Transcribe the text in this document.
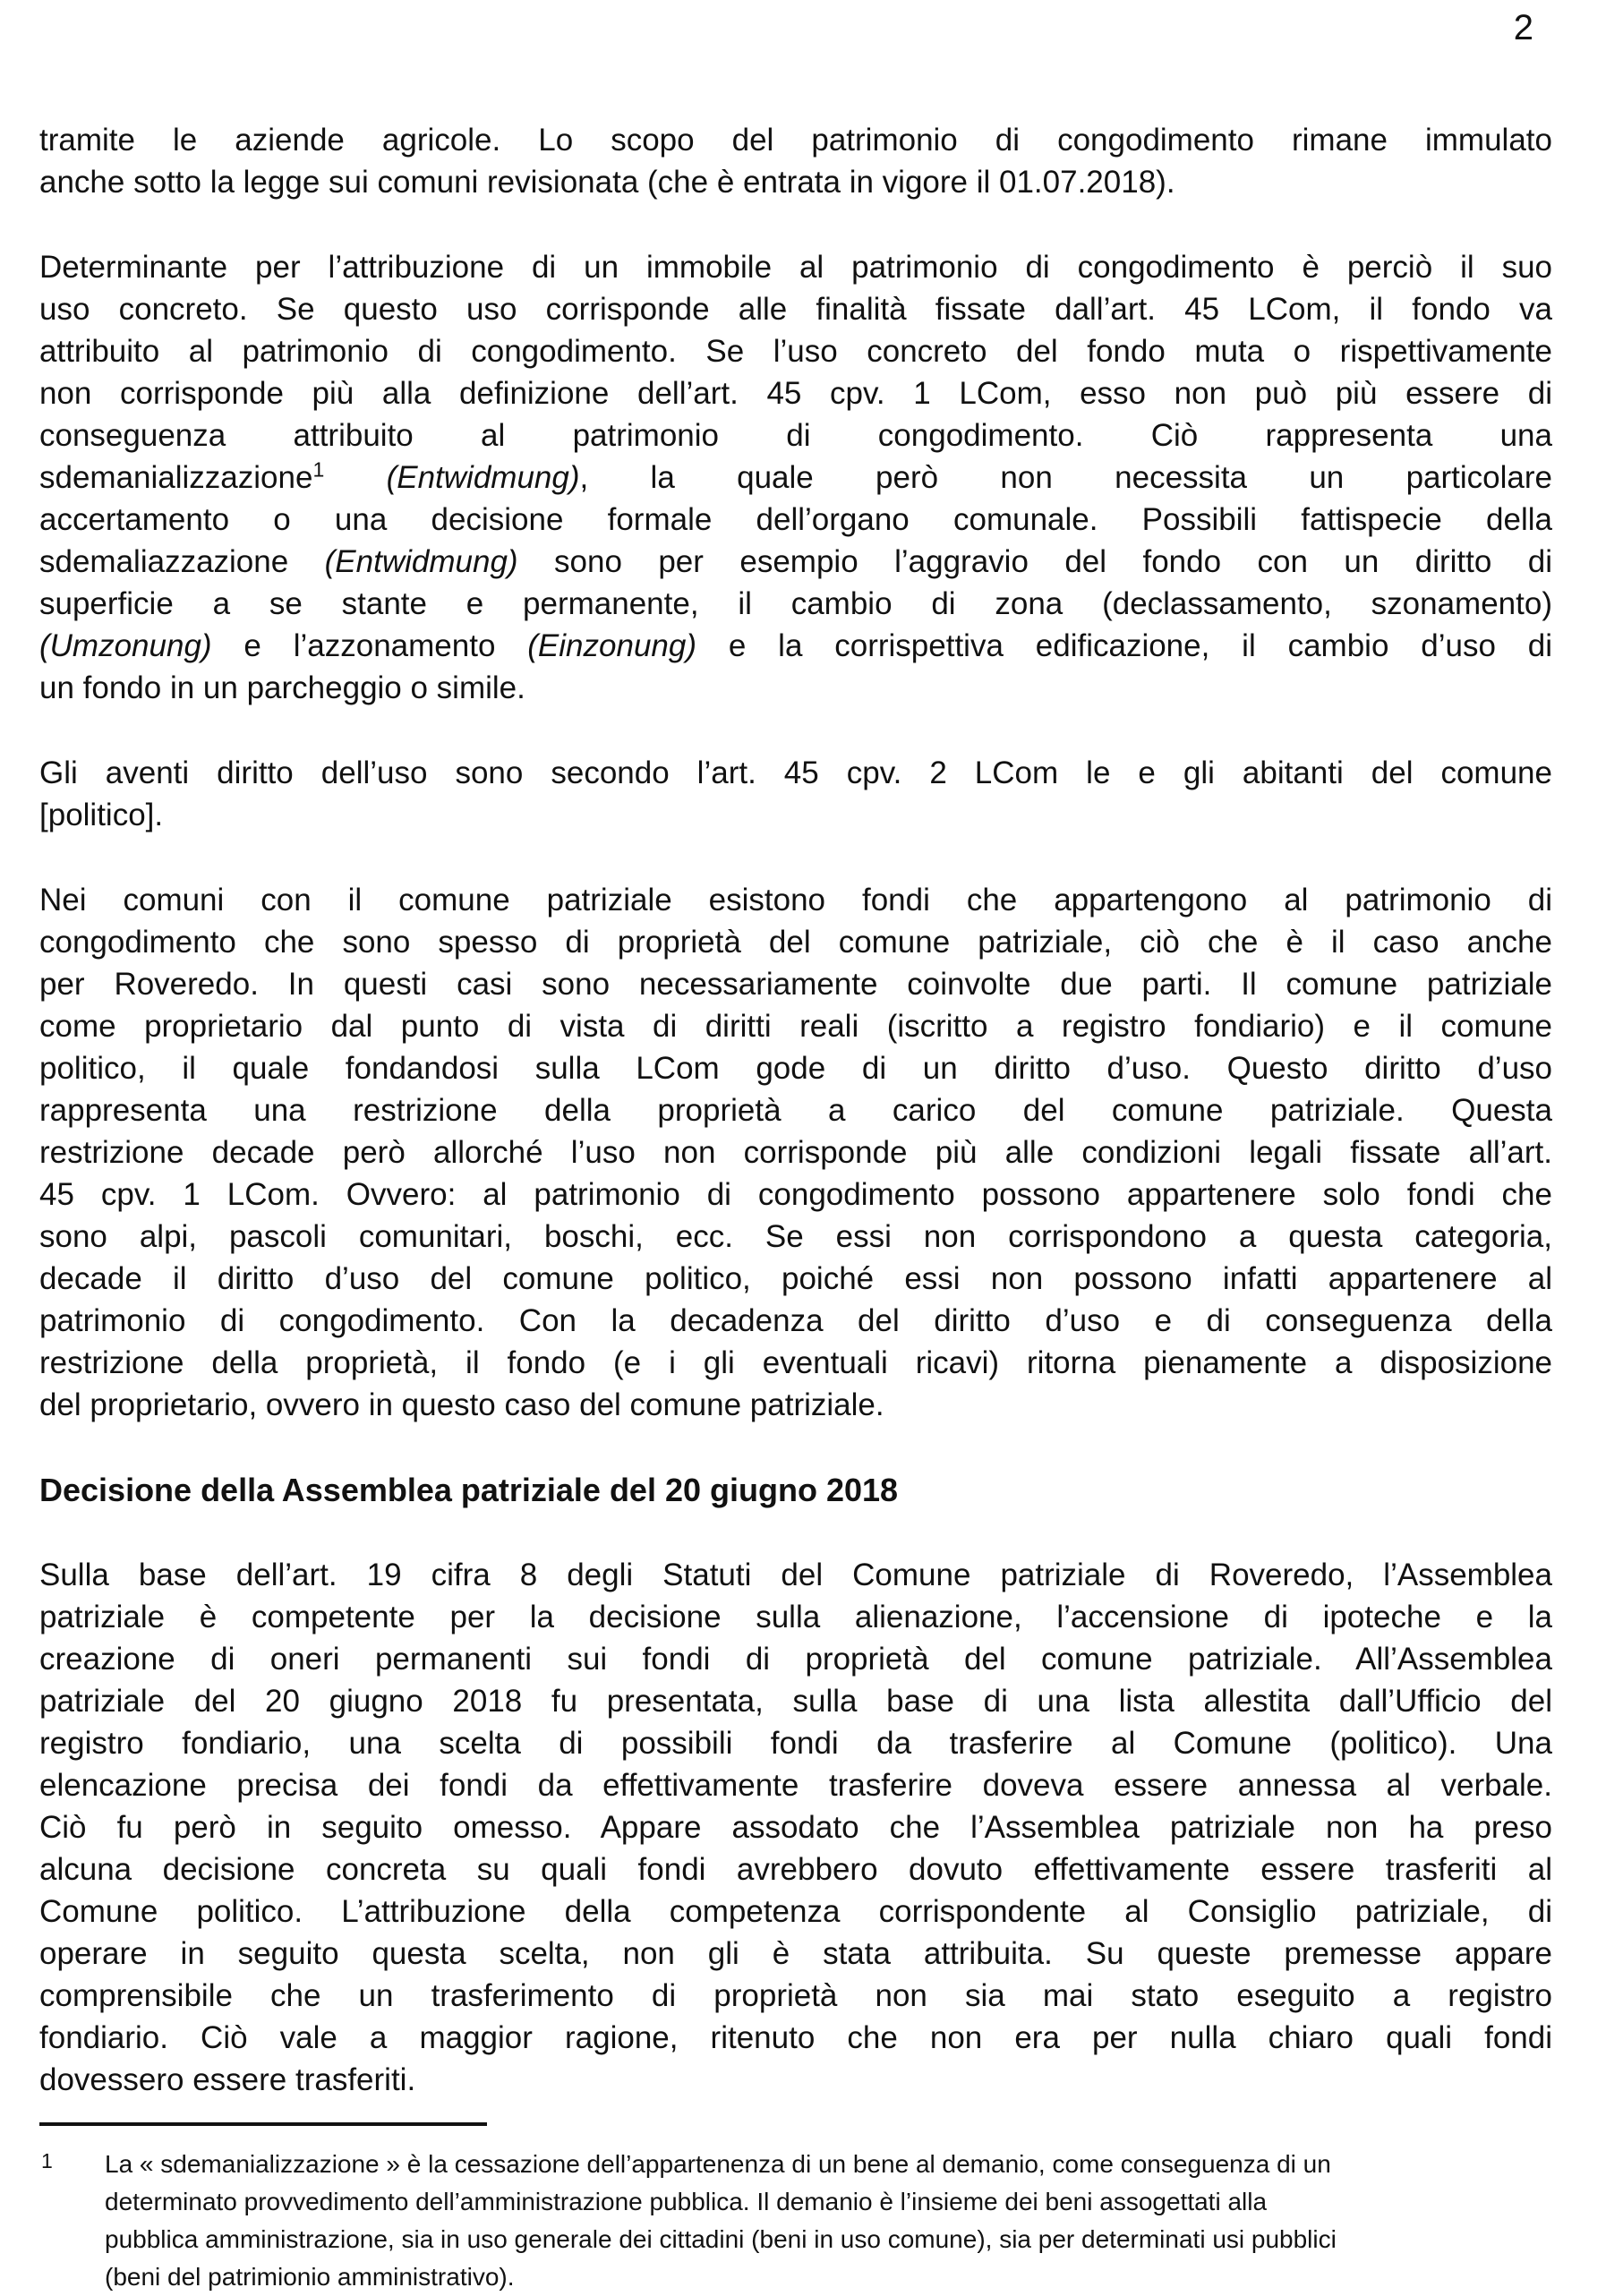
2
tramite le aziende agricole. Lo scopo del patrimonio di congodimento rimane immulato
anche sotto la legge sui comuni revisionata (che è entrata in vigore il 01.07.2018).
Determinante per l’attribuzione di un immobile al patrimonio di congodimento è perciò il suo
uso concreto. Se questo uso corrisponde alle finalità fissate dall’art. 45 LCom, il fondo va
attribuito al patrimonio di congodimento. Se l’uso concreto del fondo muta o rispettivamente
non corrisponde più alla definizione dell’art. 45 cpv. 1 LCom, esso non può più essere di
conseguenza attribuito al patrimonio di congodimento. Ciò rappresenta una
sdemanializzazione$^1$ (Entwidmung), la quale però non necessita un particolare
accertamento o una decisione formale dell’organo comunale. Possibili fattispecie della
sdemaliazzazione (Entwidmung) sono per esempio l’aggravio del fondo con un diritto di
superficie a se stante e permanente, il cambio di zona (declassamento, szonamento)
(Umzonung) e l’azzonamento (Einzonung) e la corrispettiva edificazione, il cambio d’uso di
un fondo in un parcheggio o simile.
Gli aventi diritto dell’uso sono secondo l’art. 45 cpv. 2 LCom le e gli abitanti del comune
[politico].
Nei comuni con il comune patriziale esistono fondi che appartengono al patrimonio di
congodimento che sono spesso di proprietà del comune patriziale, ciò che è il caso anche
per Roveredo. In questi casi sono necessariamente coinvolte due parti. Il comune patriziale
come proprietario dal punto di vista di diritti reali (iscritto a registro fondiario) e il comune
politico, il quale fondandosi sulla LCom gode di un diritto d’uso. Questo diritto d’uso
rappresenta una restrizione della proprietà a carico del comune patriziale. Questa
restrizione decade però allorché l’uso non corrisponde più alle condizioni legali fissate all’art.
45 cpv. 1 LCom. Ovvero: al patrimonio di congodimento possono appartenere solo fondi che
sono alpi, pascoli comunitari, boschi, ecc. Se essi non corrispondono a questa categoria,
decade il diritto d’uso del comune politico, poiché essi non possono infatti appartenere al
patrimonio di congodimento. Con la decadenza del diritto d’uso e di conseguenza della
restrizione della proprietà, il fondo (e i gli eventuali ricavi) ritorna pienamente a disposizione
del proprietario, ovvero in questo caso del comune patriziale.
Decisione della Assemblea patriziale del 20 giugno 2018
Sulla base dell’art. 19 cifra 8 degli Statuti del Comune patriziale di Roveredo, l’Assemblea
patriziale è competente per la decisione sulla alienazione, l’accensione di ipoteche e la
creazione di oneri permanenti sui fondi di proprietà del comune patriziale. All’Assemblea
patriziale del 20 giugno 2018 fu presentata, sulla base di una lista allestita dall’Ufficio del
registro fondiario, una scelta di possibili fondi da trasferire al Comune (politico). Una
elencazione precisa dei fondi da effettivamente trasferire doveva essere annessa al verbale.
Ciò fu però in seguito omesso. Appare assodato che l’Assemblea patriziale non ha preso
alcuna decisione concreta su quali fondi avrebbero dovuto effettivamente essere trasferiti al
Comune politico. L’attribuzione della competenza corrispondente al Consiglio patriziale, di
operare in seguito questa scelta, non gli è stata attribuita. Su queste premesse appare
comprensibile che un trasferimento di proprietà non sia mai stato eseguito a registro
fondiario. Ciò vale a maggior ragione, ritenuto che non era per nulla chiaro quali fondi
dovessero essere trasferiti.
1 La « sdemanializzazione » è la cessazione dell’appartenenza di un bene al demanio, come conseguenza di un
determinato provvedimento dell’amministrazione pubblica. Il demanio è l’insieme dei beni assogettati alla
pubblica amministrazione, sia in uso generale dei cittadini (beni in uso comune), sia per determinati usi pubblici
(beni del patrimionio amministrativo).
